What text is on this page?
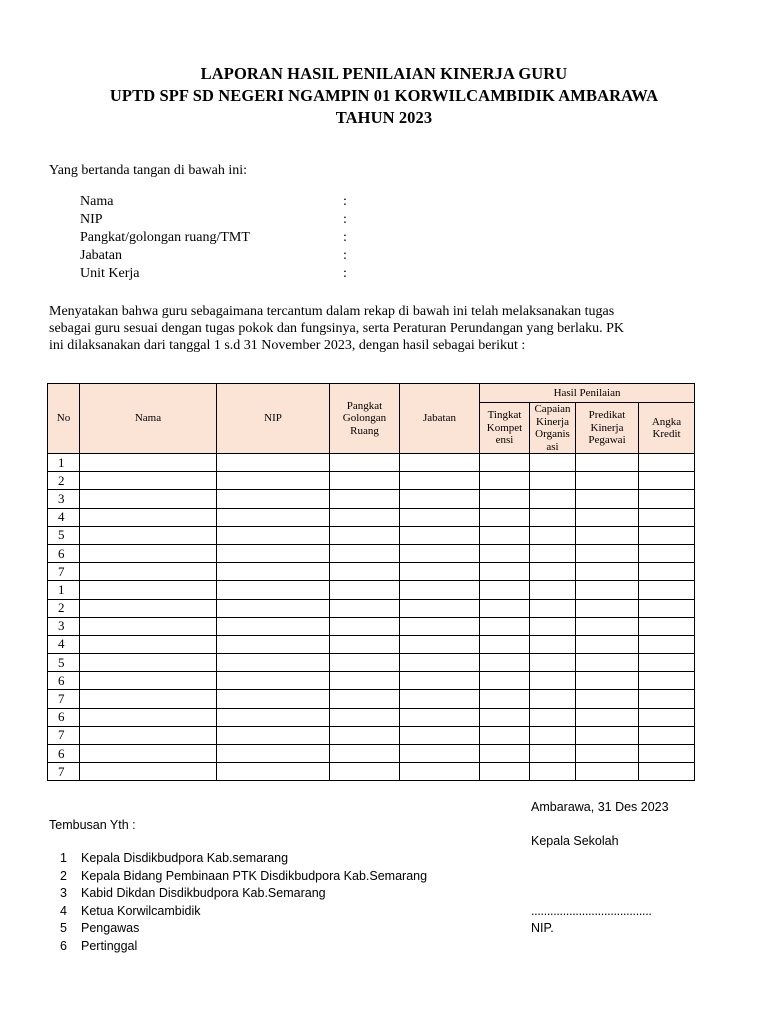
LAPORAN HASIL PENILAIAN KINERJA GURU
UPTD SPF SD NEGERI NGAMPIN 01 KORWILCAMBIDIK AMBARAWA
TAHUN 2023
Yang bertanda tangan di bawah ini:
Nama	:
NIP	:
Pangkat/golongan ruang/TMT	:
Jabatan	:
Unit Kerja	:
Menyatakan bahwa guru sebagaimana tercantum dalam rekap di bawah ini telah melaksanakan tugas
sebagai guru sesuai dengan tugas pokok dan fungsinya, serta Peraturan Perundangan yang berlaku. PK
ini dilaksanakan dari tanggal 1 s.d 31 November 2023, dengan hasil sebagai berikut :
No	Nama	NIP	Pangkat Golongan Ruang	Jabatan	Hasil Penilaian			
					Tingkat Kompet ensi	Capaian Kinerja Organis asi	Predikat Kinerja Pegawai	Angka Kredit
1								
2								
3								
4								
5								
6								
7								
1								
2								
3								
4								
5								
6								
7								
6								
7								
6								
7								
Ambarawa, 31 Des 2023
Tembusan Yth :
Kepala Sekolah
1 Kepala Disdikbudpora Kab.semarang
2 Kepala Bidang Pembinaan PTK Disdikbudpora Kab.Semarang
3 Kabid Dikdan Disdikbudpora Kab.Semarang
4 Ketua Korwilcambidik
5 Pengawas
6 Pertinggal
......................................
NIP.
